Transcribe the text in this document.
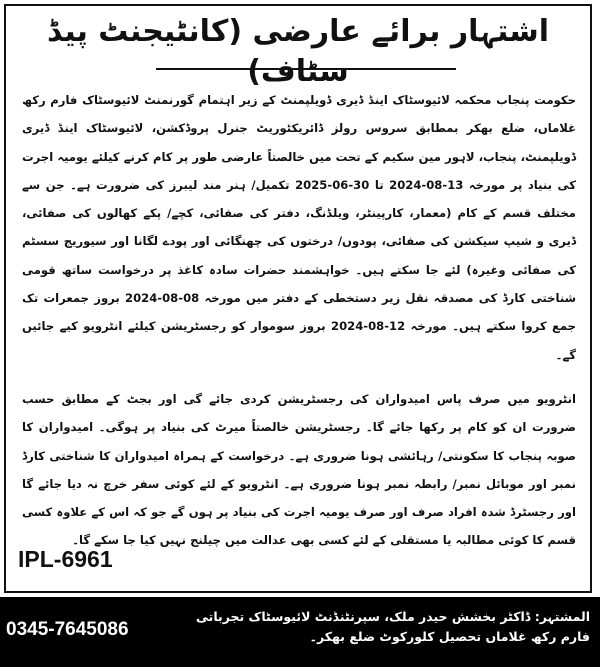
اشتہار برائے عارضی (کانٹیجنٹ پیڈ سٹاف)

حکومت پنجاب محکمہ لائیوسٹاک اینڈ ڈیری ڈویلپمنٹ کے زیر اہتمام گورنمنٹ لائیوسٹاک فارم رکھ غلاماں، ضلع بھکر بمطابق سروس رولز ڈائریکٹوریٹ جنرل پروڈکشن، لائیوسٹاک اینڈ ڈیری ڈویلپمنٹ، پنجاب، لاہور مین سکیم کے تحت میں خالصتاً عارضی طور پر کام کرنے کیلئے یومیہ اجرت کی بنیاد پر مورخہ 13-08-2024 تا 30-06-2025 تکمیل/ ہنر مند لیبرز کی ضرورت ہے۔ جن سے مختلف قسم کے کام (معمار، کارپینٹر، ویلڈنگ، دفتر کی صفائی، کچے/ پکے کھالوں کی صفائی، ڈیری و شیپ سیکشن کی صفائی، پودوں/ درختوں کی چھنگائی اور پودے لگانا اور سیوریج سسٹم کی صفائی وغیرہ) لئے جا سکتے ہیں۔ خواہشمند حضرات سادہ کاغذ پر درخواست ساتھ قومی شناختی کارڈ کی مصدقہ نقل زیر دستخطی کے دفتر میں مورخہ 08-08-2024 بروز جمعرات تک جمع کروا سکتے ہیں۔ مورخہ 12-08-2024 بروز سوموار کو رجسٹریشن کیلئے انٹرویو کیے جائیں گے۔

انٹرویو میں صرف پاس امیدواران کی رجسٹریشن کردی جائے گی اور بجٹ کے مطابق حسب ضرورت ان کو کام پر رکھا جائے گا۔ رجسٹریشن خالصتاً میرٹ کی بنیاد پر ہوگی۔ امیدواران کا صوبہ پنجاب کا سکونتی/ رہائشی ہونا ضروری ہے۔ درخواست کے ہمراہ امیدواران کا شناختی کارڈ نمبر اور موبائل نمبر/ رابطہ نمبر ہونا ضروری ہے۔ انٹرویو کے لئے کوئی سفر خرچ نہ دیا جائے گا اور رجسٹرڈ شدہ افراد صرف اور صرف یومیہ اجرت کی بنیاد پر ہوں گے جو کہ اس کے علاوہ کسی قسم کا کوئی مطالبہ یا مستقلی کے لئے کسی بھی عدالت میں چیلنج نہیں کیا جا سکے گا۔

IPL-6961
المشتہر: ڈاکٹر بخشش حیدر ملک، سپرنٹنڈنٹ لائیوسٹاک تجرباتی فارم رکھ غلاماں تحصیل کلورکوٹ ضلع بھکر۔
0345-7645086
